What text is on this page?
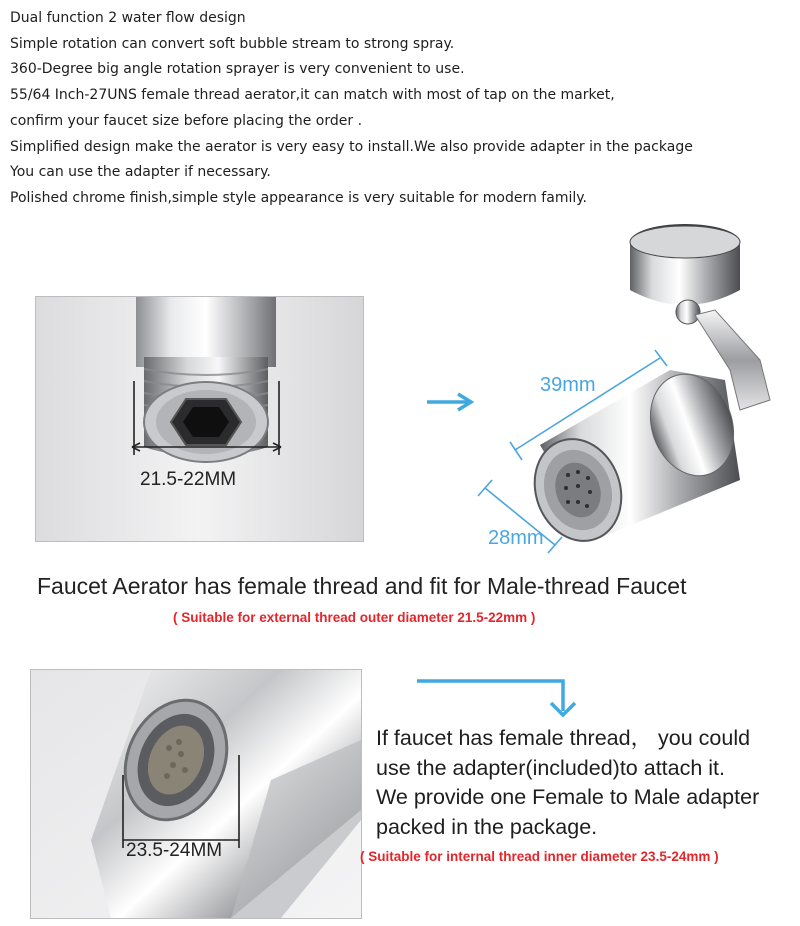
Dual function 2 water flow design
Simple rotation can convert soft bubble stream to strong spray.
360-Degree big angle rotation sprayer is very convenient to use.
55/64 Inch-27UNS female thread aerator,it can match with most of tap on the market,
confirm your faucet size before placing the order .
Simplified design make the aerator is very easy to install.We also provide adapter in the package
You can use the adapter if necessary.
Polished chrome finish,simple style appearance is very suitable for modern family.
21.5-22MM
39mm
28mm
Faucet Aerator has female thread and fit for Male-thread Faucet
( Suitable for external thread outer diameter 21.5-22mm )
23.5-24MM
If faucet has female thread， you could
use the adapter(included)to attach it.
We provide one Female to Male adapter
packed in the package.
( Suitable for internal thread inner diameter 23.5-24mm )
